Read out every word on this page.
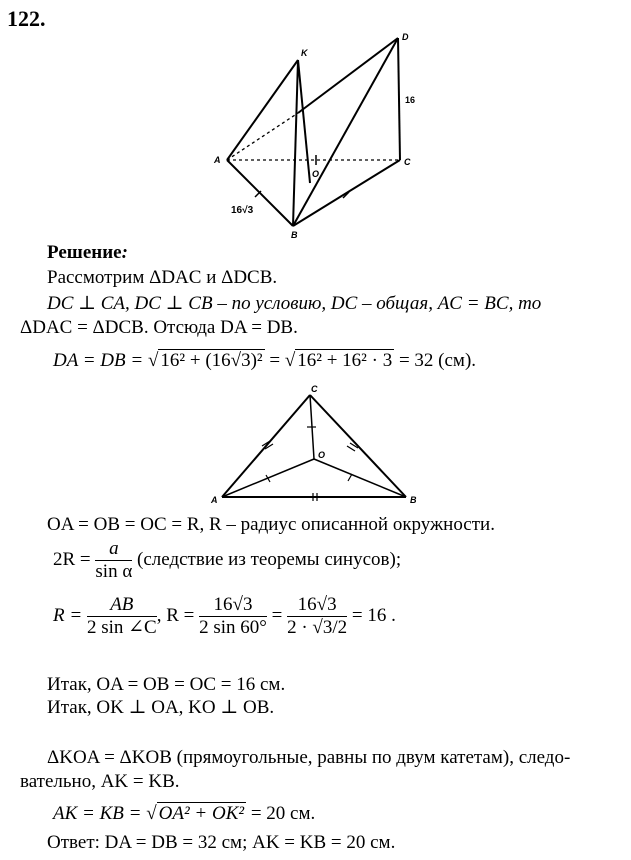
122.
K
D
A	C
O
B
16
16√3
C
O
A	B
Решение:
Рассмотрим ΔDAC и ΔDCB.
DC ⊥ CA, DC ⊥ CB – по условию, DC – общая, AC = BC, то
ΔDAC = ΔDCB. Отсюда DA = DB.
DA = DB = √ 16² + (16√3)² = √ 16² + 16² · 3 = 32 (см).
OA = OB = OC = R, R – радиус описанной окружности.
$2R = \frac{a}{\text{sin α}}$ (следствие из теоремы синусов);
$R = \frac{AB}{2 \sin \angle C}$ , $R = \frac{16√3}{2 \sin 60^\circ} = \frac{16√3}{2 \cdot √3/2} = 16$ .
Итак, OA = OB = OC = 16 см.
Итак, OK ⊥ OA, KO ⊥ OB.
ΔKOA = ΔKOB (прямоугольные, равны по двум катетам), следо-
вательно, AK = KB.
AK = KB = √ OA² + OK² = 20 см.
Ответ: DA = DB = 32 см; AK = KB = 20 см.
